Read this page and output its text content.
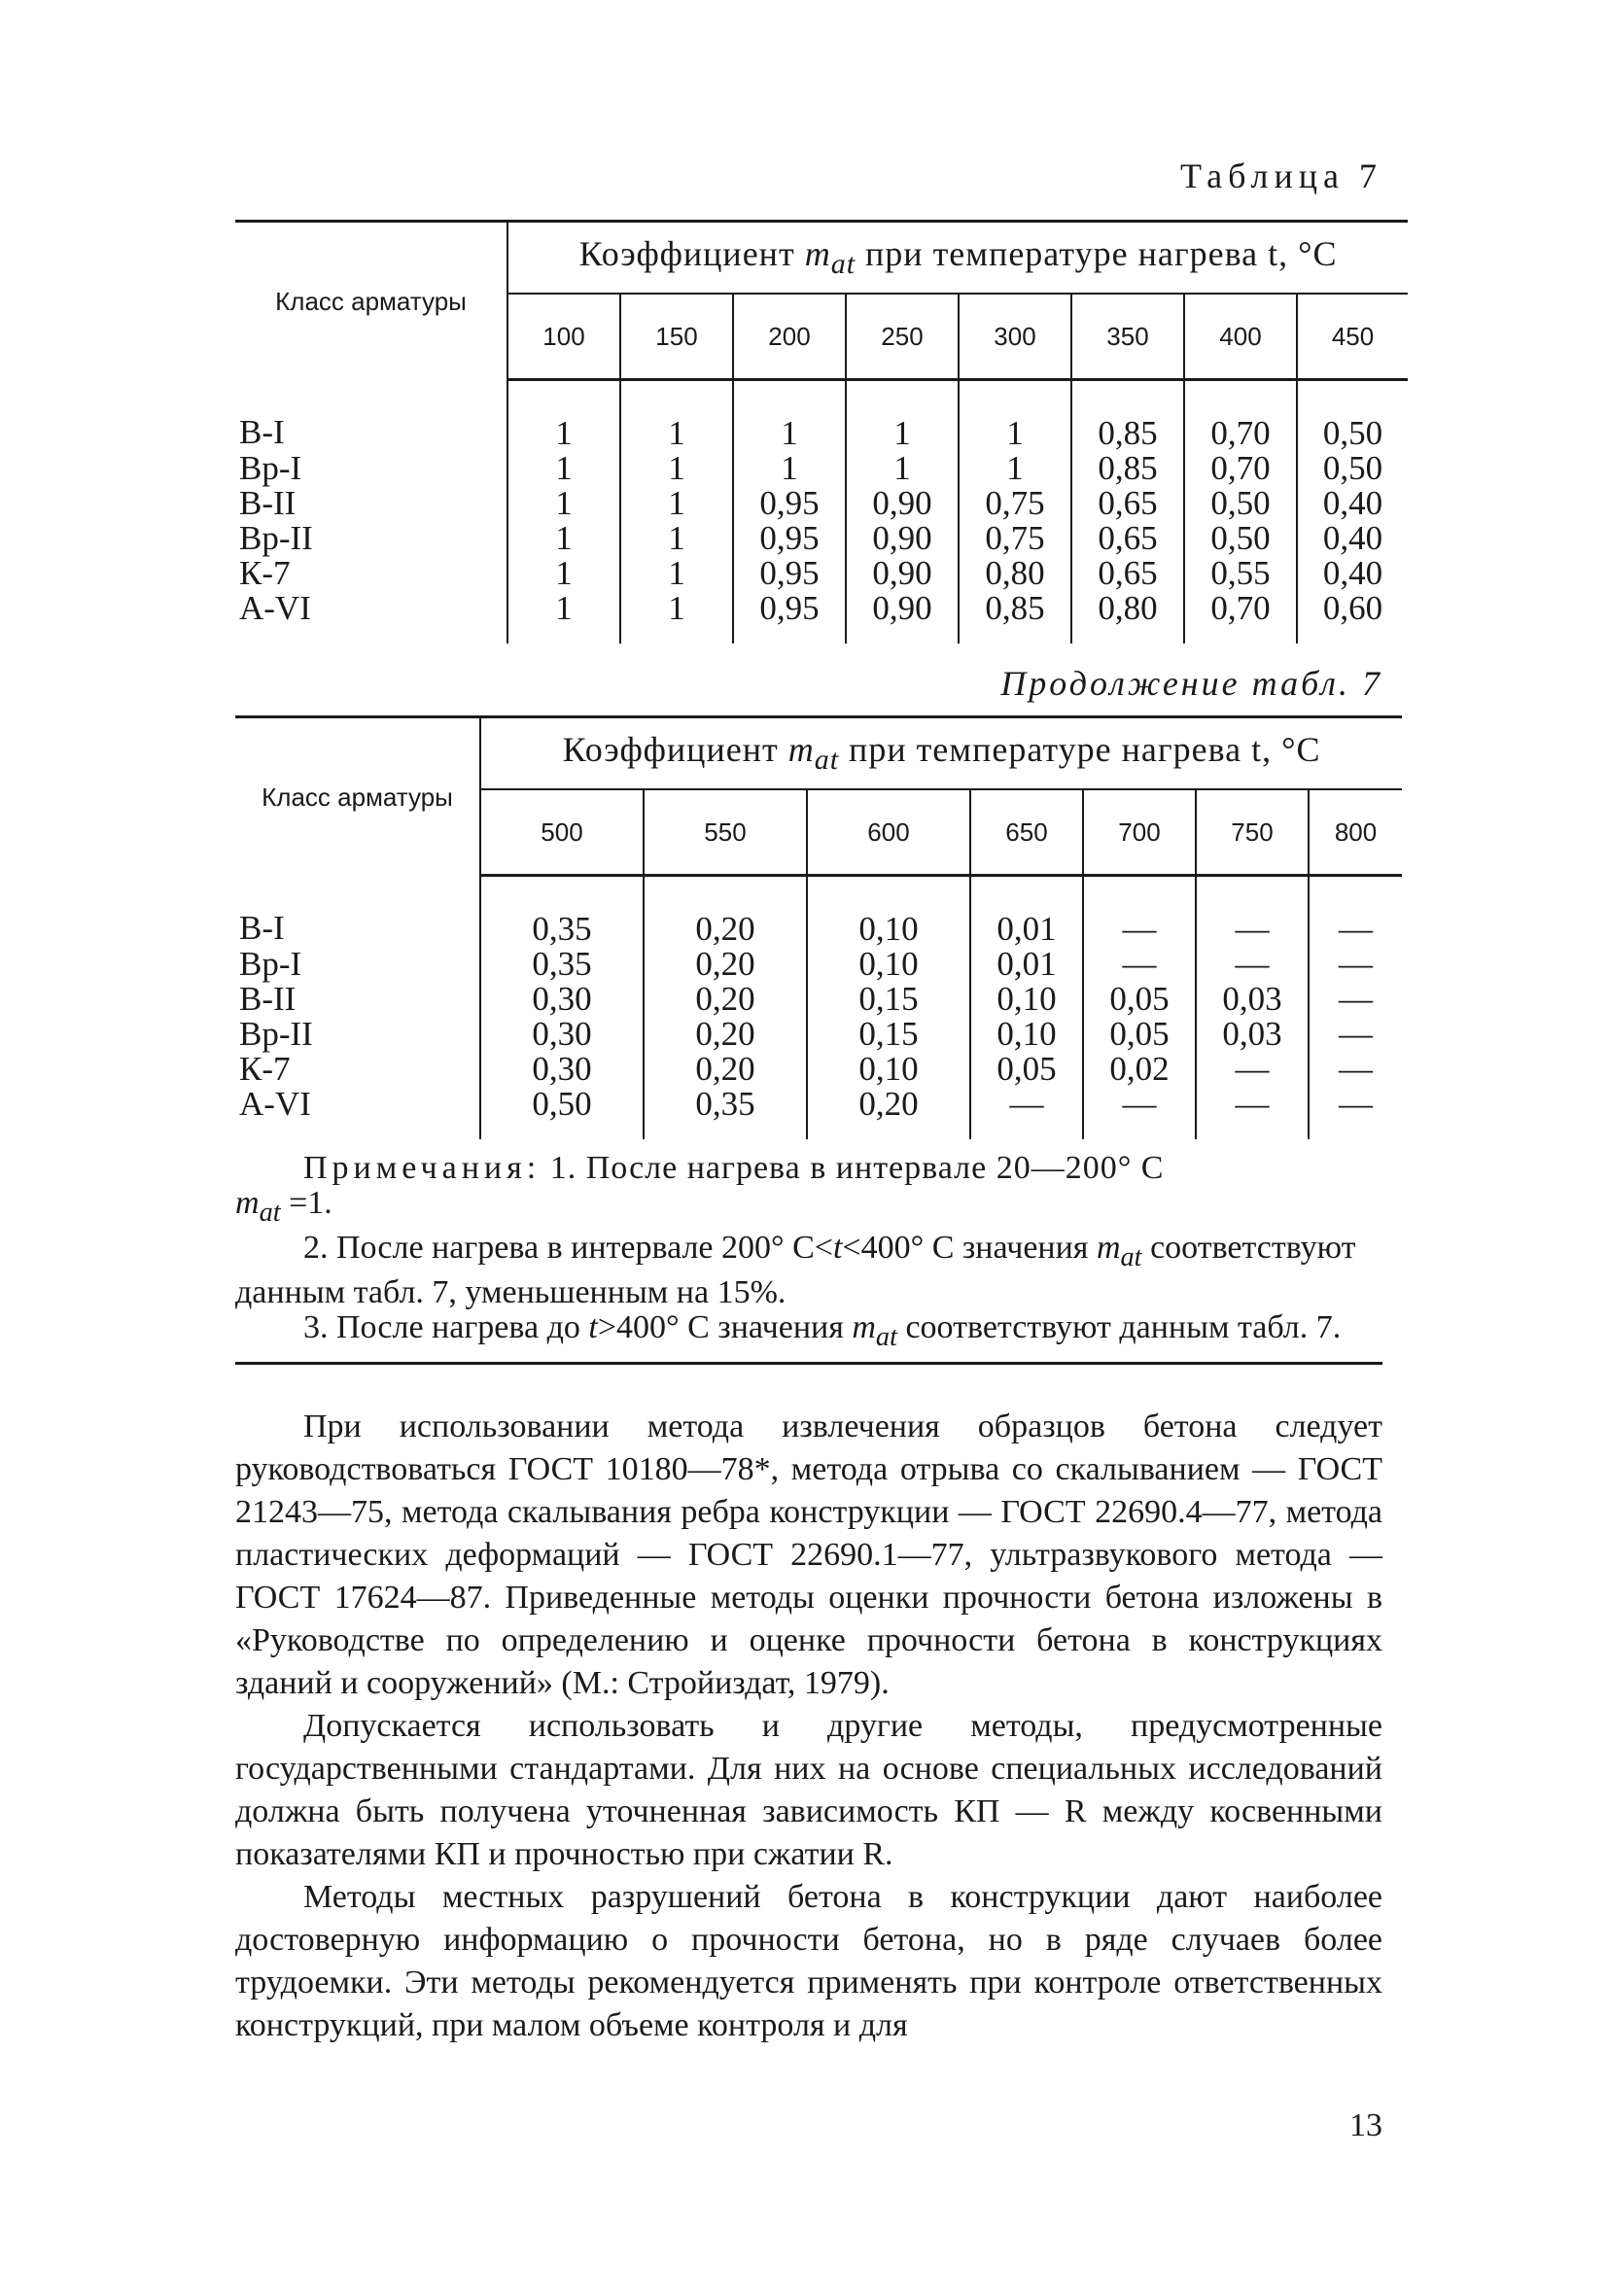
Таблица 7
Класс арматуры	Коэффициент $m_{at}$ при температуре нагрева t, °С							
	100	150	200	250	300	350	400	450
В-I	1	1	1	1	1	0,85	0,70	0,50
Вр-I	1	1	1	1	1	0,85	0,70	0,50
В-II	1	1	0,95	0,90	0,75	0,65	0,50	0,40
Вр-II	1	1	0,95	0,90	0,75	0,65	0,50	0,40
К-7	1	1	0,95	0,90	0,80	0,65	0,55	0,40
А-VI	1	1	0,95	0,90	0,85	0,80	0,70	0,60
Продолжение табл. 7
Класс арматуры	Коэффициент $m_{at}$ при температуре нагрева t, °С						
	500	550	600	650	700	750	800
В-I	0,35	0,20	0,10	0,01	—	—	—
Вр-I	0,35	0,20	0,10	0,01	—	—	—
В-II	0,30	0,20	0,15	0,10	0,05	0,03	—
Вр-II	0,30	0,20	0,15	0,10	0,05	0,03	—
К-7	0,30	0,20	0,10	0,05	0,02	—	—
А-VI	0,50	0,35	0,20	—	—	—	—
Примечания: 1. После нагрева в интервале 20—200° С
$m_{at} =1$.
2. После нагрева в интервале 200° С<t<400° С значения $m_{at}$ соответствуют данным табл. 7, уменьшенным на 15%.
3. После нагрева до t>400° С значения $m_{at}$ соответствуют данным табл. 7.

При использовании метода извлечения образцов бетона следует руководствоваться ГОСТ 10180—78*, метода отрыва со скалыванием — ГОСТ 21243—75, метода скалывания ребра конструкции — ГОСТ 22690.4—77, метода пластических деформаций — ГОСТ 22690.1—77, ультразвукового метода — ГОСТ 17624—87. Приведенные методы оценки прочности бетона изложены в «Руководстве по определению и оценке прочности бетона в конструкциях зданий и сооружений» (М.: Стройиздат, 1979).

Допускается использовать и другие методы, предусмотренные государственными стандартами. Для них на основе специальных исследований должна быть получена уточненная зависимость КП — R между косвенными показателями КП и прочностью при сжатии R.

Методы местных разрушений бетона в конструкции дают наиболее достоверную информацию о прочности бетона, но в ряде случаев более трудоемки. Эти методы рекомендуется применять при контроле ответственных конструкций, при малом объеме контроля и для

13
